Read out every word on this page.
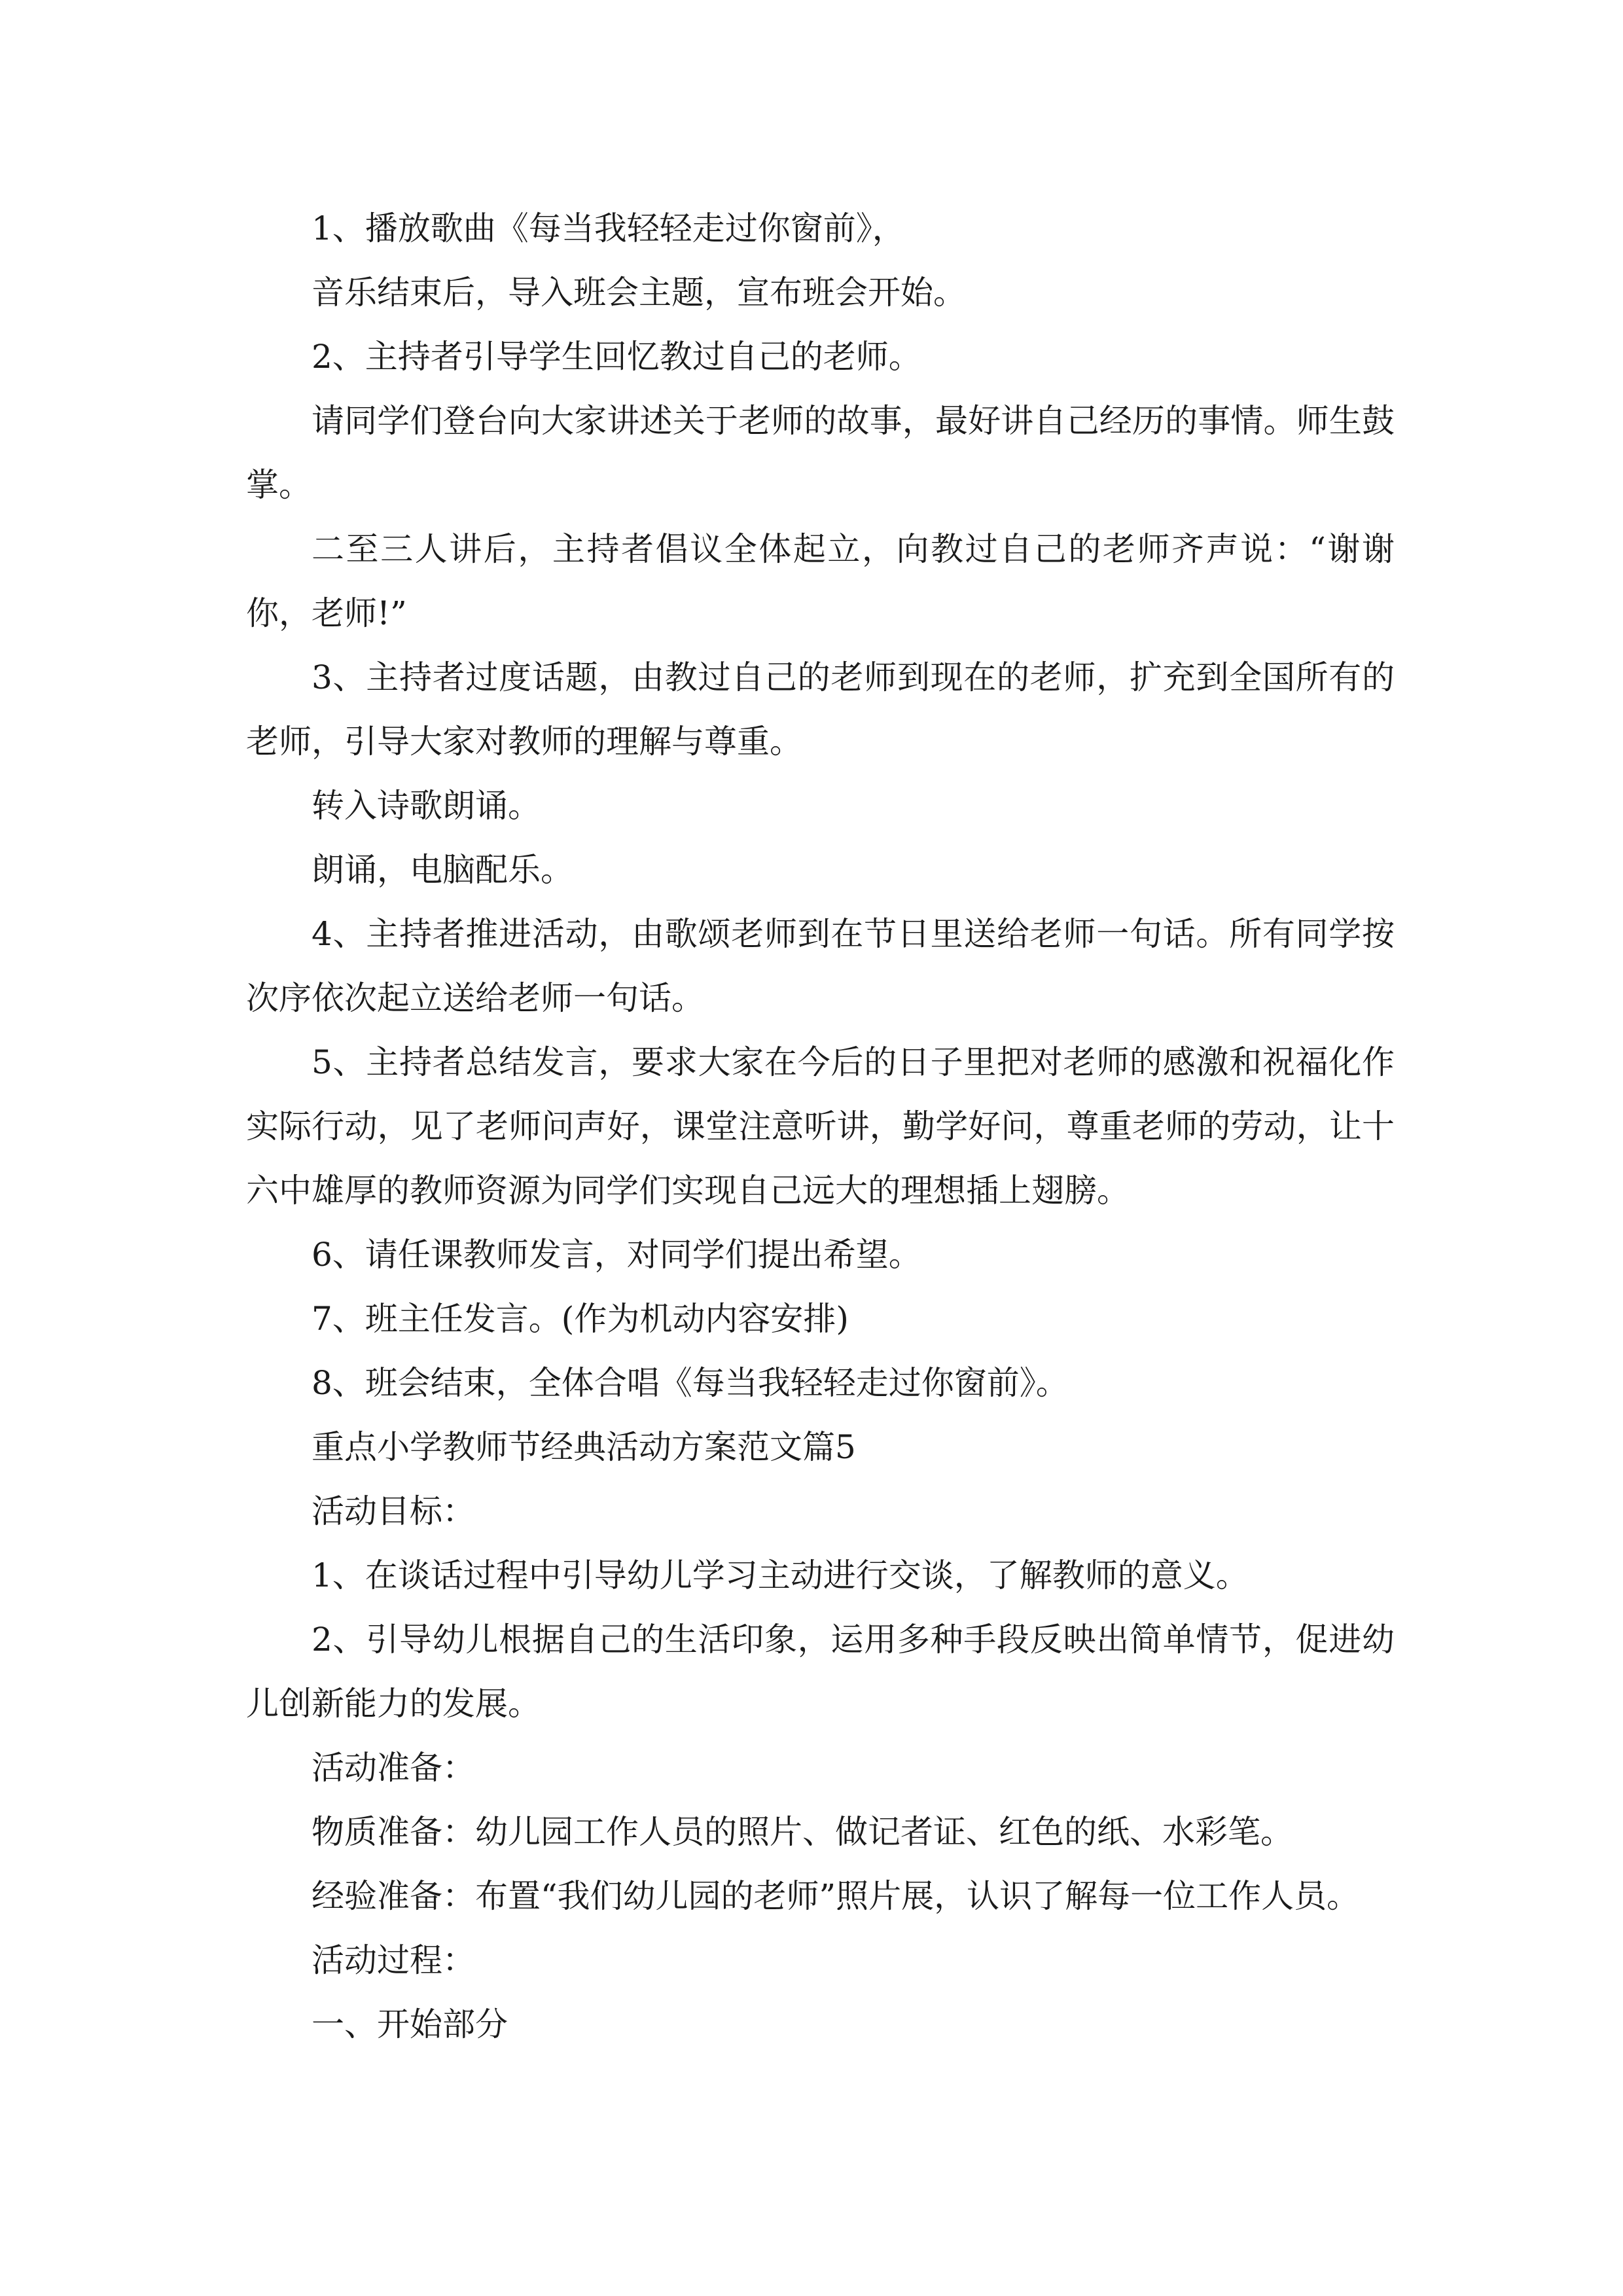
1、播放歌曲《每当我轻轻走过你窗前》，

音乐结束后，导入班会主题，宣布班会开始。

2、主持者引导学生回忆教过自己的老师。

请同学们登台向大家讲述关于老师的故事，最好讲自己经历的事情。师生鼓掌。

二至三人讲后，主持者倡议全体起立，向教过自己的老师齐声说：“谢谢你，老师!”

3、主持者过度话题，由教过自己的老师到现在的老师，扩充到全国所有的老师，引导大家对教师的理解与尊重。

转入诗歌朗诵。

朗诵，电脑配乐。

4、主持者推进活动，由歌颂老师到在节日里送给老师一句话。所有同学按次序依次起立送给老师一句话。

5、主持者总结发言，要求大家在今后的日子里把对老师的感激和祝福化作实际行动，见了老师问声好，课堂注意听讲，勤学好问，尊重老师的劳动，让十六中雄厚的教师资源为同学们实现自己远大的理想插上翅膀。

6、请任课教师发言，对同学们提出希望。

7、班主任发言。(作为机动内容安排)

8、班会结束，全体合唱《每当我轻轻走过你窗前》。

重点小学教师节经典活动方案范文篇5

活动目标：

1、在谈话过程中引导幼儿学习主动进行交谈，了解教师的意义。

2、引导幼儿根据自己的生活印象，运用多种手段反映出简单情节，促进幼儿创新能力的发展。

活动准备：

物质准备：幼儿园工作人员的照片、做记者证、红色的纸、水彩笔。

经验准备：布置“我们幼儿园的老师”照片展，认识了解每一位工作人员。

活动过程：

一、开始部分
